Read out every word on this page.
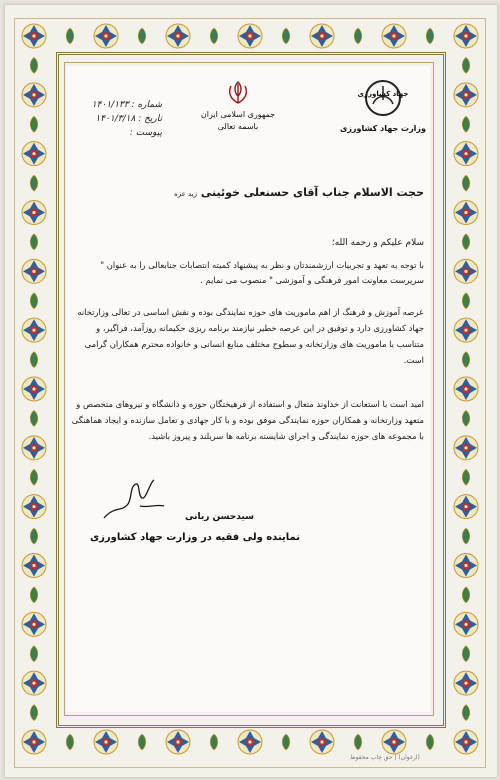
شماره : ۱۴۰۱/۱۳۳
تاریخ : ۱۴۰۱/۳/۱۸
پیوست :
جمهوری اسلامی ایران
باسمه تعالی
جهاد کشاورزی
وزارت جهاد کشاورزی
حجت الاسلام جناب آقای حسنعلی خوئینی زید عزه
سلام علیکم و رحمه الله؛
با توجه به تعهد و تجربیات ارزشمندتان و نظر به پیشنهاد کمیته انتصابات جنابعالی را به عنوان " سرپرست معاونت امور فرهنگی و آموزشی " منصوب می نمایم .
عرصه آموزش و فرهنگ از اهم ماموریت های حوزه نمایندگی بوده و نقش اساسی در تعالی وزارتخانه جهاد کشاورزی دارد و توفیق در این عرصه خطیر نیازمند برنامه ریزی حکیمانه روزآمد، فراگیر، و متناسب با ماموریت های وزارتخانه و سطوح مختلف منابع انسانی و خانواده محترم همکاران گرامی است.
امید است با استعانت از خداوند متعال و استفاده از فرهیختگان حوزه و دانشگاه و نیروهای متخصص و متعهد وزارتخانه و همکاران حوزه نمایندگی موفق بوده و با کار جهادی و تعامل سازنده و ایجاد هماهنگی با مجموعه های حوزه نمایندگی و اجرای شایسته برنامه ها سربلند و پیروز باشید.
سیدحسن ربانی
نماینده ولی فقیه در وزارت جهاد کشاورزی
(ارغوان) | حق چاپ محفوظ
